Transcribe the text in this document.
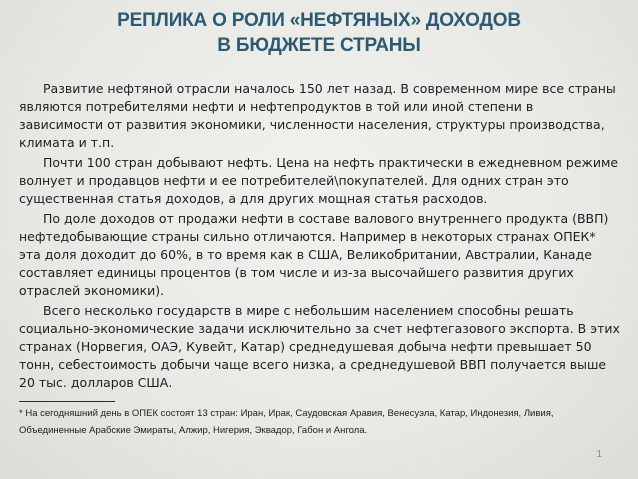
РЕПЛИКА О РОЛИ «НЕФТЯНЫХ» ДОХОДОВ
В БЮДЖЕТЕ СТРАНЫ

Развитие нефтяной отрасли началось 150 лет назад. В современном мире все страны являются потребителями нефти и нефтепродуктов в той или иной степени в зависимости от развития экономики, численности населения, структуры производства, климата и т.п.

Почти 100 стран добывают нефть. Цена на нефть практически в ежедневном режиме волнует и продавцов нефти и ее потребителей\покупателей. Для одних стран это существенная статья доходов, а для других мощная статья расходов.

По доле доходов от продажи нефти в составе валового внутреннего продукта (ВВП) нефтедобывающие страны сильно отличаются. Например в некоторых странах ОПЕК* эта доля доходит до 60%, в то время как в США, Великобритании, Австралии, Канаде составляет единицы процентов (в том числе и из-за высочайшего развития других отраслей экономики).

Всего несколько государств в мире с небольшим населением способны решать социально-экономические задачи исключительно за счет нефтегазового экспорта. В этих странах (Норвегия, ОАЭ, Кувейт, Катар) среднедушевая добыча нефти превышает 50 тонн, себестоимость добычи чаще всего низка, а среднедушевой ВВП получается выше 20 тыс. долларов США.

* На сегодняшний день в ОПЕК состоят 13 стран: Иран, Ирак, Саудовская Аравия, Венесуэла, Катар, Индонезия, Ливия, Объединенные Арабские Эмираты, Алжир, Нигерия, Эквадор, Габон и Ангола.
1
